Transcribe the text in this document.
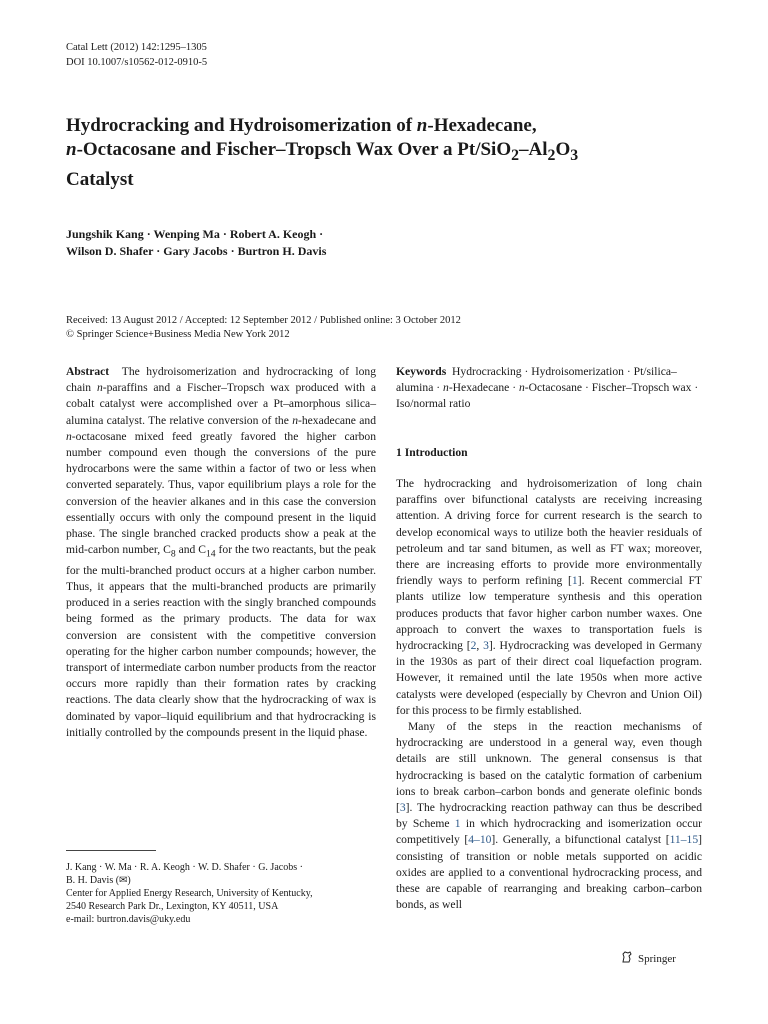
Catal Lett (2012) 142:1295–1305
DOI 10.1007/s10562-012-0910-5
Hydrocracking and Hydroisomerization of n-Hexadecane,
n-Octacosane and Fischer–Tropsch Wax Over a $Pt/SiO_2-Al_2O_3$
Catalyst
Jungshik Kang · Wenping Ma · Robert A. Keogh ·
Wilson D. Shafer · Gary Jacobs · Burtron H. Davis
Received: 13 August 2012 / Accepted: 12 September 2012 / Published online: 3 October 2012
© Springer Science+Business Media New York 2012
Abstract The hydroisomerization and hydrocracking of long chain n-paraffins and a Fischer–Tropsch wax produced with a cobalt catalyst were accomplished over a Pt–amorphous silica–alumina catalyst. The relative conversion of the n-hexadecane and n-octacosane mixed feed greatly favored the higher carbon number compound even though the conversions of the pure hydrocarbons were the same within a factor of two or less when converted separately. Thus, vapor equilibrium plays a role for the conversion of the heavier alkanes and in this case the conversion essentially occurs with only the compound present in the liquid phase. The single branched cracked products show a peak at the mid-carbon number, $C_8$ and $C_{14}$ for the two reactants, but the peak for the multi-branched product occurs at a higher carbon number. Thus, it appears that the multi-branched products are primarily produced in a series reaction with the singly branched compounds being formed as the primary products. The data for wax conversion are consistent with the competitive conversion operating for the higher carbon number compounds; however, the transport of intermediate carbon number products from the reactor occurs more rapidly than their formation rates by cracking reactions. The data clearly show that the hydrocracking of wax is dominated by vapor–liquid equilibrium and that hydrocracking is initially controlled by the compounds present in the liquid phase.
Keywords Hydrocracking · Hydroisomerization · Pt/silica–alumina · n-Hexadecane · n-Octacosane · Fischer–Tropsch wax · Iso/normal ratio
1 Introduction

The hydrocracking and hydroisomerization of long chain paraffins over bifunctional catalysts are receiving increasing attention. A driving force for current research is the search to develop economical ways to utilize both the heavier residuals of petroleum and tar sand bitumen, as well as FT wax; moreover, there are increasing efforts to provide more environmentally friendly ways to perform refining [1]. Recent commercial FT plants utilize low temperature synthesis and this operation produces products that favor higher carbon number waxes. One approach to convert the waxes to transportation fuels is hydrocracking [2, 3]. Hydrocracking was developed in Germany in the 1930s as part of their direct coal liquefaction program. However, it remained until the late 1950s when more active catalysts were developed (especially by Chevron and Union Oil) for this process to be firmly established.

Many of the steps in the reaction mechanisms of hydrocracking are understood in a general way, even though details are still unknown. The general consensus is that hydrocracking is based on the catalytic formation of carbenium ions to break carbon–carbon bonds and generate olefinic bonds [3]. The hydrocracking reaction pathway can thus be described by Scheme 1 in which hydrocracking and isomerization occur competitively [4–10]. Generally, a bifunctional catalyst [11–15] consisting of transition or noble metals supported on acidic oxides are applied to a conventional hydrocracking process, and these are capable of rearranging and breaking carbon–carbon bonds, as well

J. Kang · W. Ma · R. A. Keogh · W. D. Shafer · G. Jacobs ·
B. H. Davis (✉)
Center for Applied Energy Research, University of Kentucky,
2540 Research Park Dr., Lexington, KY 40511, USA
e-mail: burtron.davis@uky.edu
Springer
